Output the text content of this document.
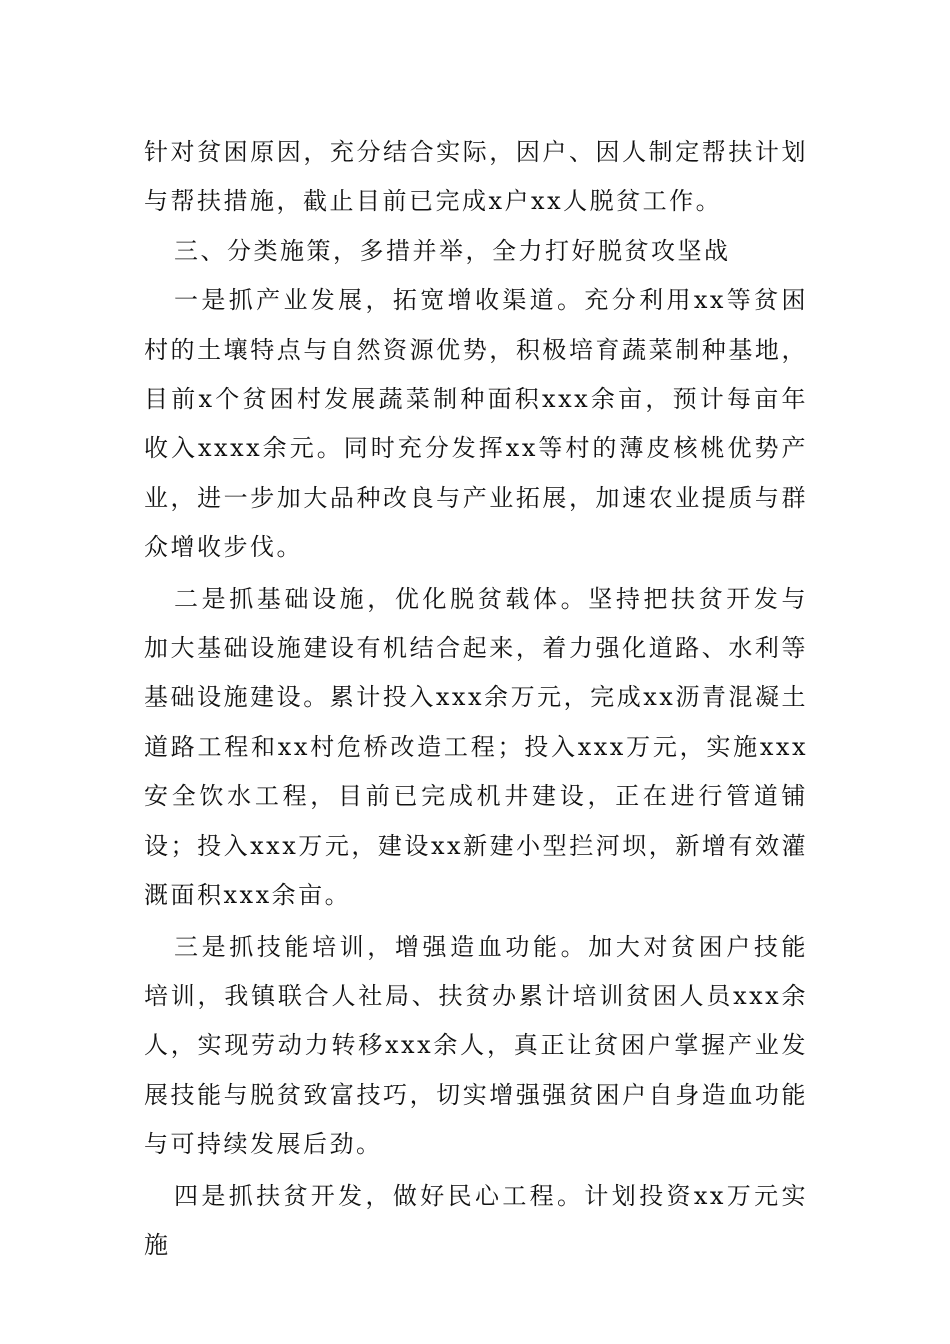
针对贫困原因，充分结合实际，因户、因人制定帮扶计划与帮扶措施，截止目前已完成x户xx人脱贫工作。

三、分类施策，多措并举，全力打好脱贫攻坚战

一是抓产业发展，拓宽增收渠道。充分利用xx等贫困村的土壤特点与自然资源优势，积极培育蔬菜制种基地，目前x个贫困村发展蔬菜制种面积xxx余亩，预计每亩年收入xxxx余元。同时充分发挥xx等村的薄皮核桃优势产业，进一步加大品种改良与产业拓展，加速农业提质与群众增收步伐。

二是抓基础设施，优化脱贫载体。坚持把扶贫开发与加大基础设施建设有机结合起来，着力强化道路、水利等基础设施建设。累计投入xxx余万元，完成xx沥青混凝土道路工程和xx村危桥改造工程；投入xxx万元，实施xxx安全饮水工程，目前已完成机井建设，正在进行管道铺设；投入xxx万元，建设xx新建小型拦河坝，新增有效灌溉面积xxx余亩。

三是抓技能培训，增强造血功能。加大对贫困户技能培训，我镇联合人社局、扶贫办累计培训贫困人员xxx余人，实现劳动力转移xxx余人，真正让贫困户掌握产业发展技能与脱贫致富技巧，切实增强强贫困户自身造血功能与可持续发展后劲。

四是抓扶贫开发，做好民心工程。计划投资xx万元实施
